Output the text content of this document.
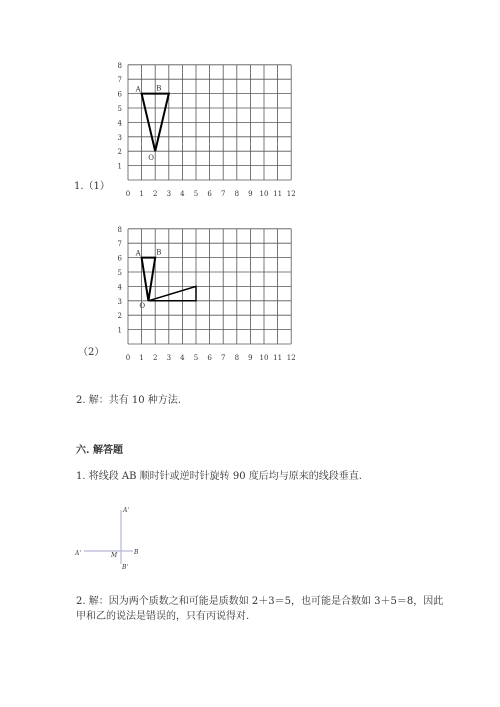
0 1 2 3 4 5 6 7 8 9 10 11 12
1
2
3
4
5
6
7
8
A B
O
1.（1）
0 1 2 3 4 5 6 7 8 9 10 11 12
1
2
3
4
5
6
7
8
A B
O
（2）
2. 解：共有 10 种方法.
六. 解答题
1. 将线段 AB 顺时针或逆时针旋转 90 度后均与原来的线段垂直.
A'
A'	M	B
B'
2. 解：因为两个质数之和可能是质数如 2＋3＝5，也可能是合数如 3＋5＝8，因此
甲和乙的说法是错误的，只有丙说得对.
